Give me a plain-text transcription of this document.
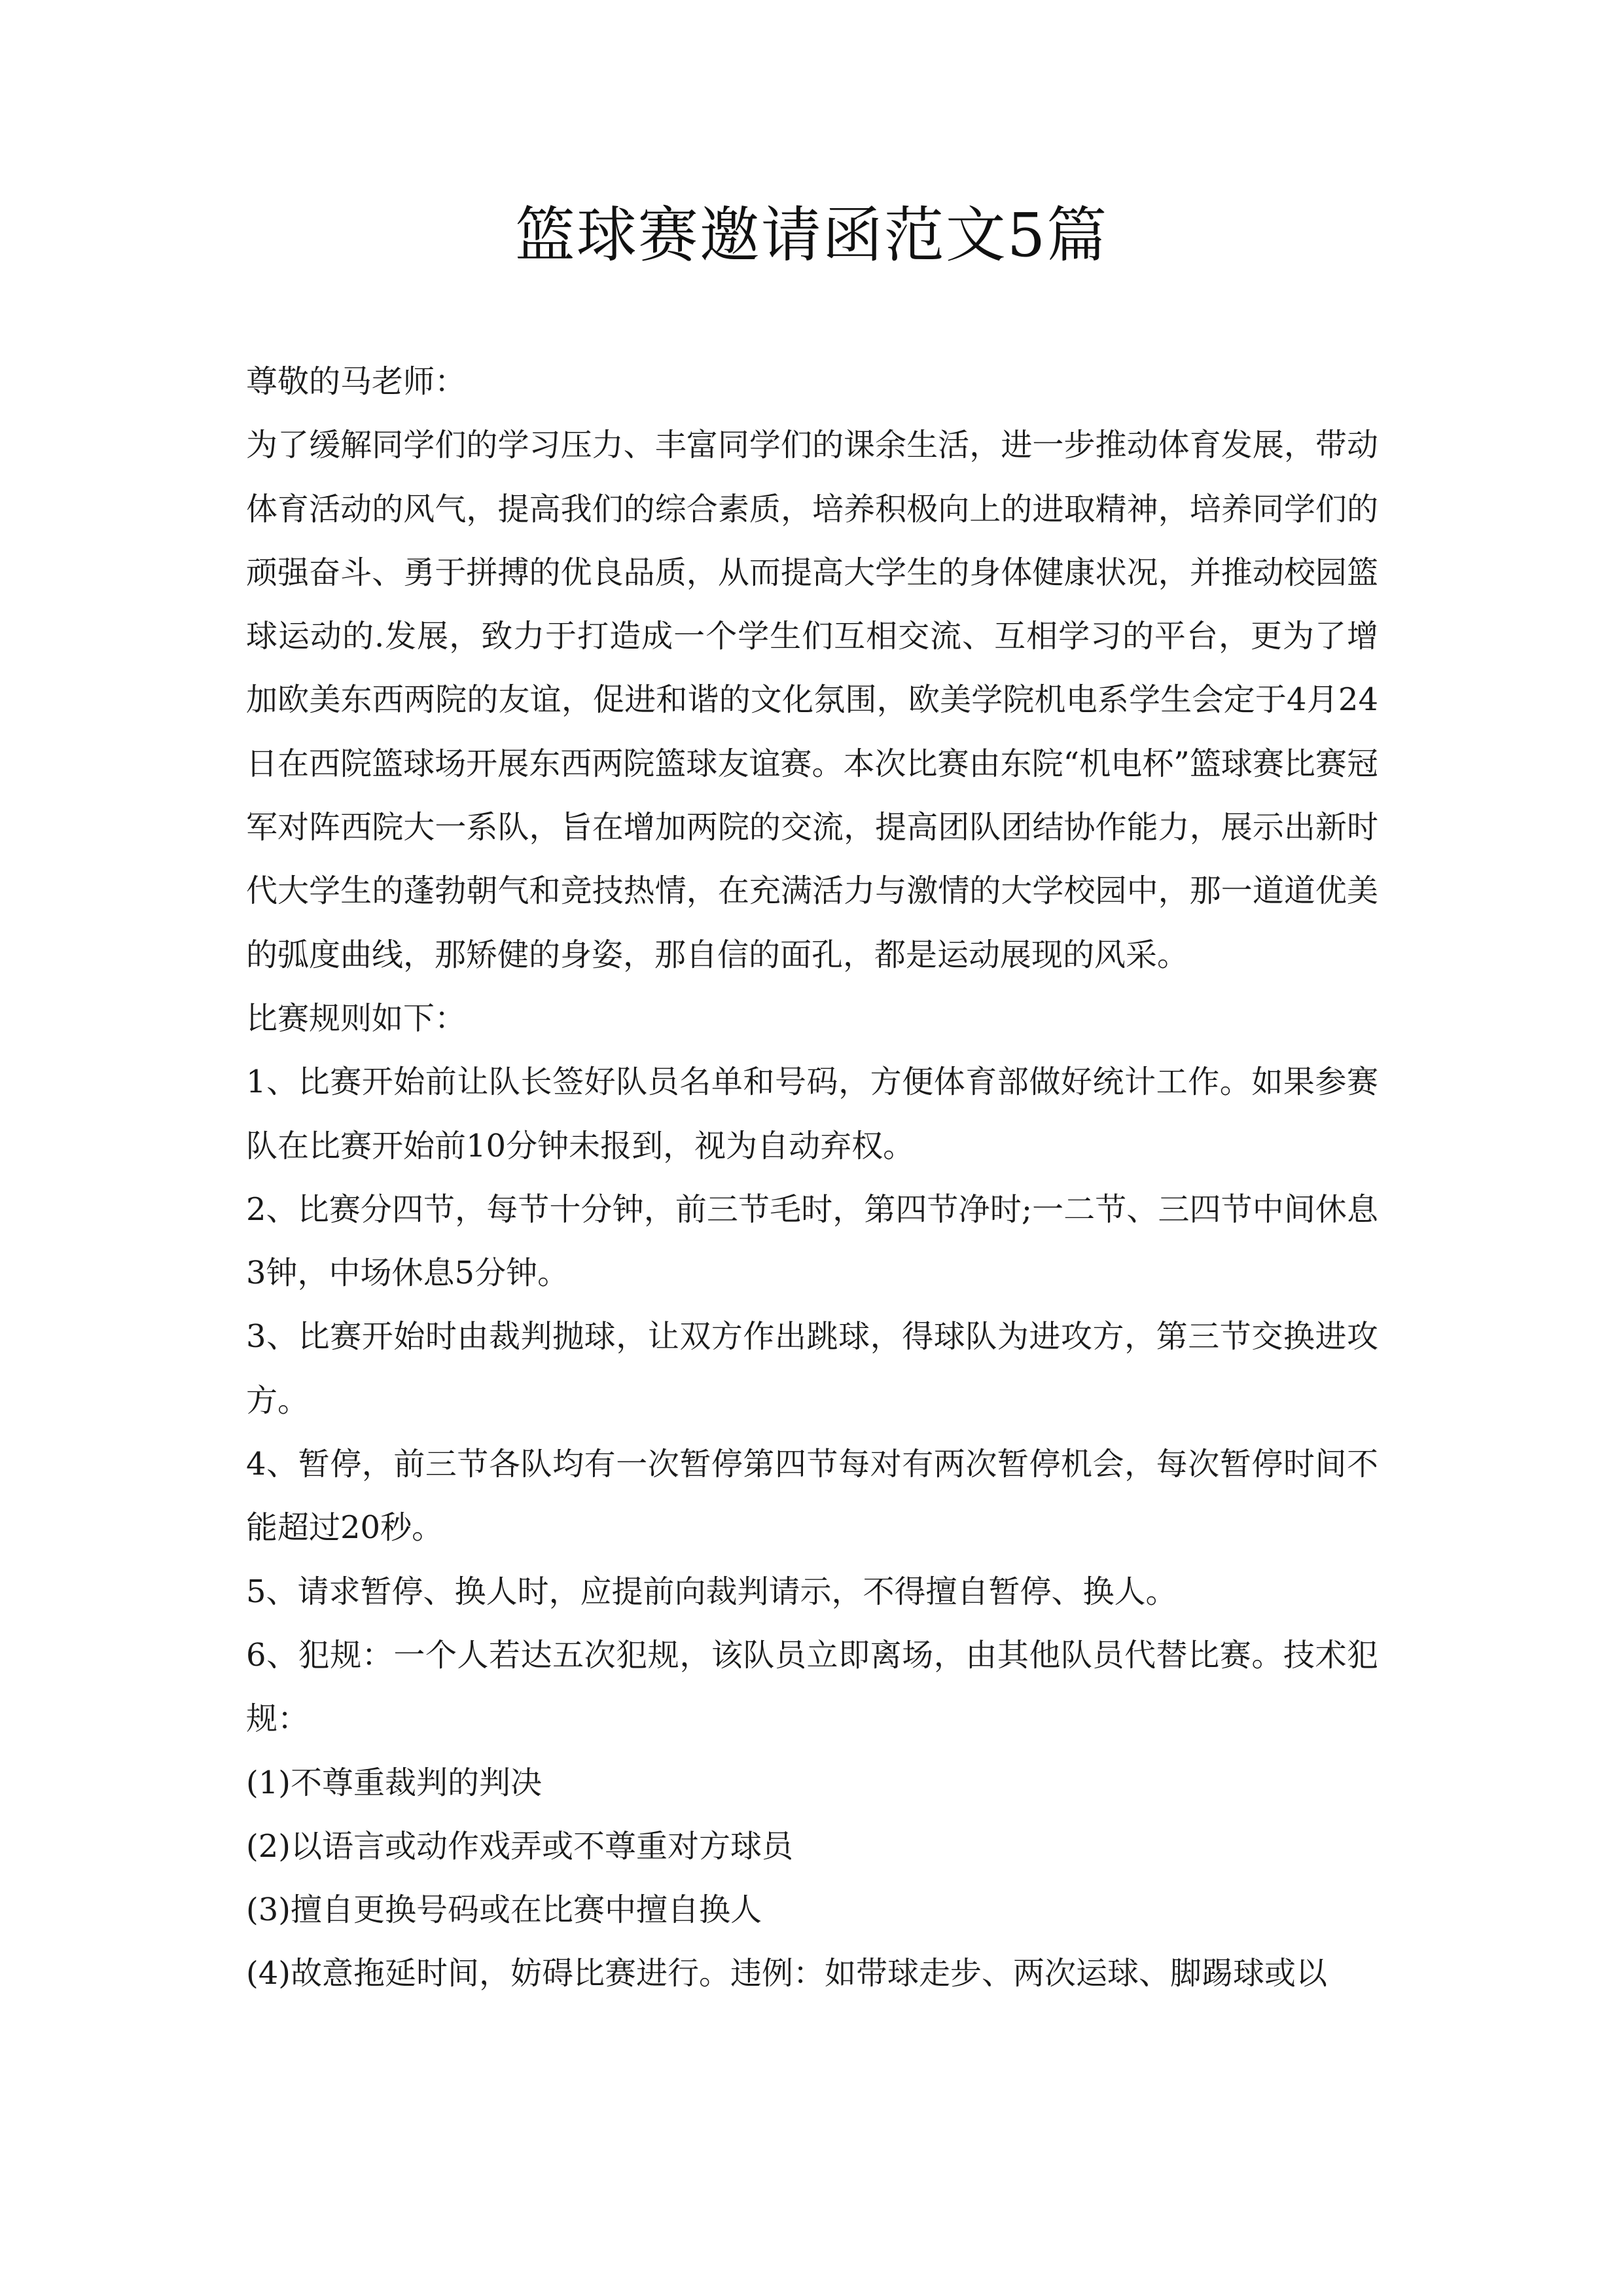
篮球赛邀请函范文5篇

尊敬的马老师：

为了缓解同学们的学习压力、丰富同学们的课余生活，进一步推动体育发展，带动体育活动的风气，提高我们的综合素质，培养积极向上的进取精神，培养同学们的顽强奋斗、勇于拼搏的优良品质，从而提高大学生的身体健康状况，并推动校园篮球运动的.发展，致力于打造成一个学生们互相交流、互相学习的平台，更为了增加欧美东西两院的友谊，促进和谐的文化氛围，欧美学院机电系学生会定于4月24日在西院篮球场开展东西两院篮球友谊赛。本次比赛由东院“机电杯”篮球赛比赛冠军对阵西院大一系队，旨在增加两院的交流，提高团队团结协作能力，展示出新时代大学生的蓬勃朝气和竞技热情，在充满活力与激情的大学校园中，那一道道优美的弧度曲线，那矫健的身姿，那自信的面孔，都是运动展现的风采。

比赛规则如下：

1、比赛开始前让队长签好队员名单和号码，方便体育部做好统计工作。如果参赛队在比赛开始前10分钟未报到，视为自动弃权。

2、比赛分四节，每节十分钟，前三节毛时，第四节净时;一二节、三四节中间休息3钟，中场休息5分钟。

3、比赛开始时由裁判抛球，让双方作出跳球，得球队为进攻方，第三节交换进攻方。

4、暂停，前三节各队均有一次暂停第四节每对有两次暂停机会，每次暂停时间不能超过20秒。

5、请求暂停、换人时，应提前向裁判请示，不得擅自暂停、换人。

6、犯规：一个人若达五次犯规，该队员立即离场，由其他队员代替比赛。技术犯规：

(1)不尊重裁判的判决

(2)以语言或动作戏弄或不尊重对方球员

(3)擅自更换号码或在比赛中擅自换人

(4)故意拖延时间，妨碍比赛进行。违例：如带球走步、两次运球、脚踢球或以
